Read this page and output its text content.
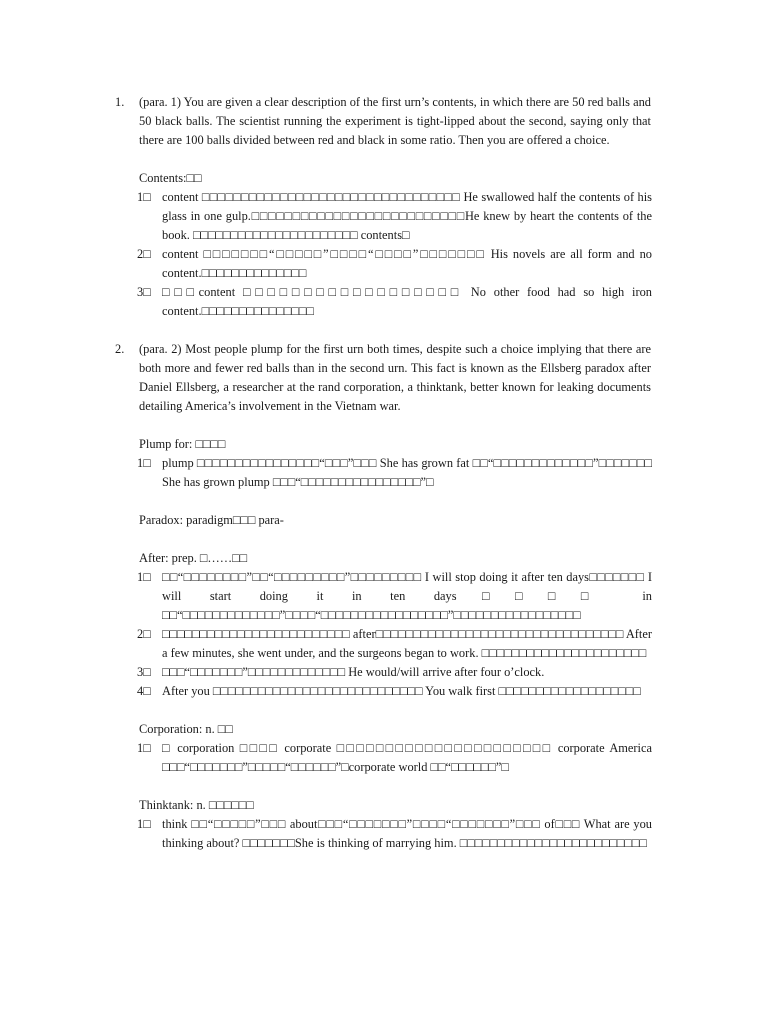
1. (para. 1) You are given a clear description of the first urn’s contents, in which there are 50 red balls and 50 black balls. The scientist running the experiment is tight-lipped about the second, saying only that there are 100 balls divided between red and black in some ratio. Then you are offered a choice.

Contents:□□
1□ content □□□□□□□□□□□□□□□□□□□□□□□□□□□□□□□□□ He swallowed half the contents of his glass in one gulp.□□□□□□□□□□□□□□□□□□□□□□□□□□He knew by heart the contents of the book. □□□□□□□□□□□□□□□□□□□□□□ contents□
2□ content □□□□□□□“□□□□□”□□□□“□□□□”□□□□□□□ His novels are all form and no content.□□□□□□□□□□□□□□
3□ □□□content □□□□□□□□□□□□□□□□□□ No other food had so high iron content.□□□□□□□□□□□□□□□
2. (para. 2) Most people plump for the first urn both times, despite such a choice implying that there are both more and fewer red balls than in the second urn. This fact is known as the Ellsberg paradox after Daniel Ellsberg, a researcher at the rand corporation, a thinktank, better known for leaking documents detailing America’s involvement in the Vietnam war.

Plump for: □□□□
1□ plump □□□□□□□□□□□□□□□□“□□□”□□□ She has grown fat □□“□□□□□□□□□□□□□”□□□□□□□ She has grown plump □□□“□□□□□□□□□□□□□□□□”□
Paradox: paradigm□□□ para-
After: prep. □……□□
1□ □□“□□□□□□□□”□□“□□□□□□□□□”□□□□□□□□□ I will stop doing it after ten days□□□□□□□ I will start doing it in ten days□□□□ in □□“□□□□□□□□□□□□□”□□□□“□□□□□□□□□□□□□□□□□”□□□□□□□□□□□□□□□□□
2□ □□□□□□□□□□□□□□□□□□□□□□□□□ after□□□□□□□□□□□□□□□□□□□□□□□□□□□□□□□□□ After a few minutes, she went under, and the surgeons began to work. □□□□□□□□□□□□□□□□□□□□□□
3□ □□□“□□□□□□□”□□□□□□□□□□□□□ He would/will arrive after four o’clock.
4□ After you □□□□□□□□□□□□□□□□□□□□□□□□□□□□ You walk first □□□□□□□□□□□□□□□□□□□
Corporation: n. □□
1□ □ corporation □□□□ corporate □□□□□□□□□□□□□□□□□□□□□□ corporate America □□□“□□□□□□□”□□□□□“□□□□□□”□corporate world □□“□□□□□□”□
Thinktank: n. □□□□□□
1□ think □□“□□□□□”□□□ about□□□“□□□□□□□”□□□□“□□□□□□□”□□□ of□□□ What are you thinking about? □□□□□□□She is thinking of marrying him. □□□□□□□□□□□□□□□□□□□□□□□□□
